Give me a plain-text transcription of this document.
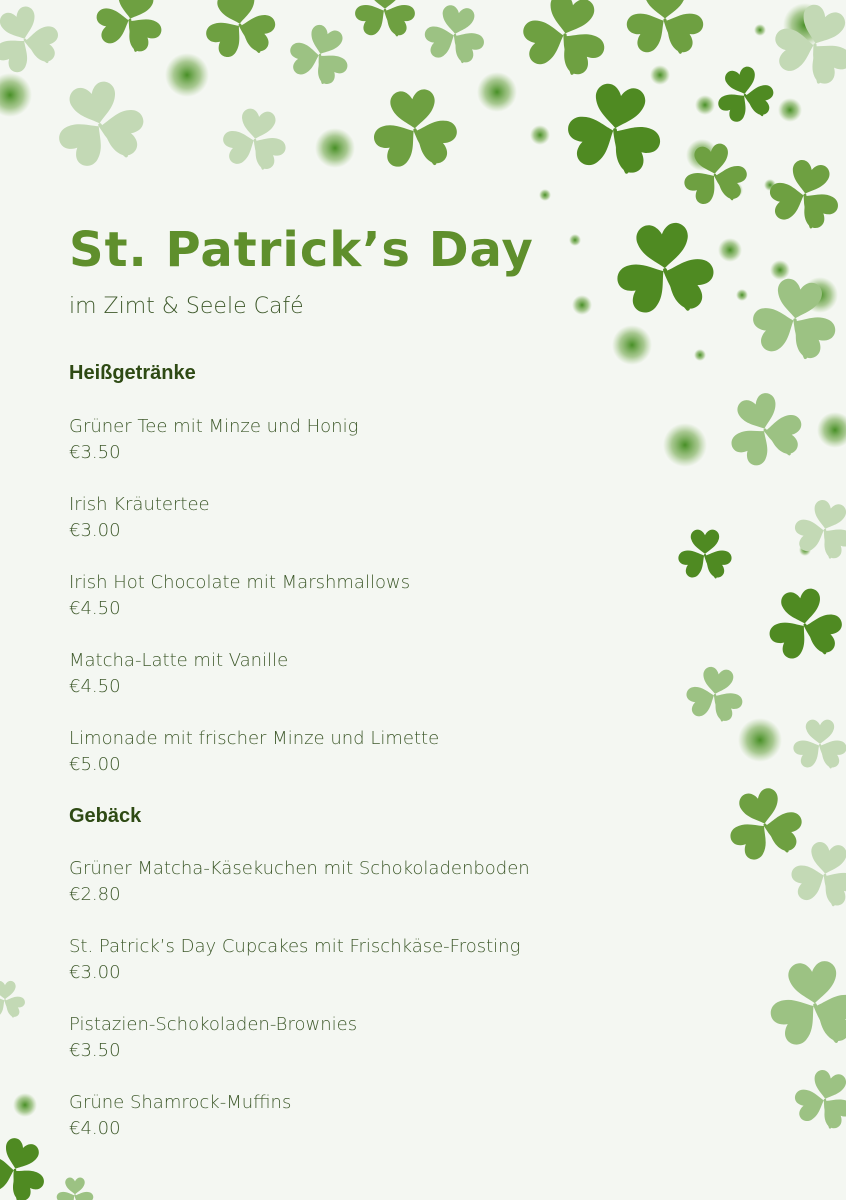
St. Patrick’s Day
im Zimt & Seele Café
Heißgetränke
Grüner Tee mit Minze und Honig
€3.50
Irish Kräutertee
€3.00
Irish Hot Chocolate mit Marshmallows
€4.50
Matcha-Latte mit Vanille
€4.50
Limonade mit frischer Minze und Limette
€5.00
Gebäck
Grüner Matcha-Käsekuchen mit Schokoladenboden
€2.80
St. Patrick’s Day Cupcakes mit Frischkäse-Frosting
€3.00
Pistazien-Schokoladen-Brownies
€3.50
Grüne Shamrock-Muffins
€4.00
